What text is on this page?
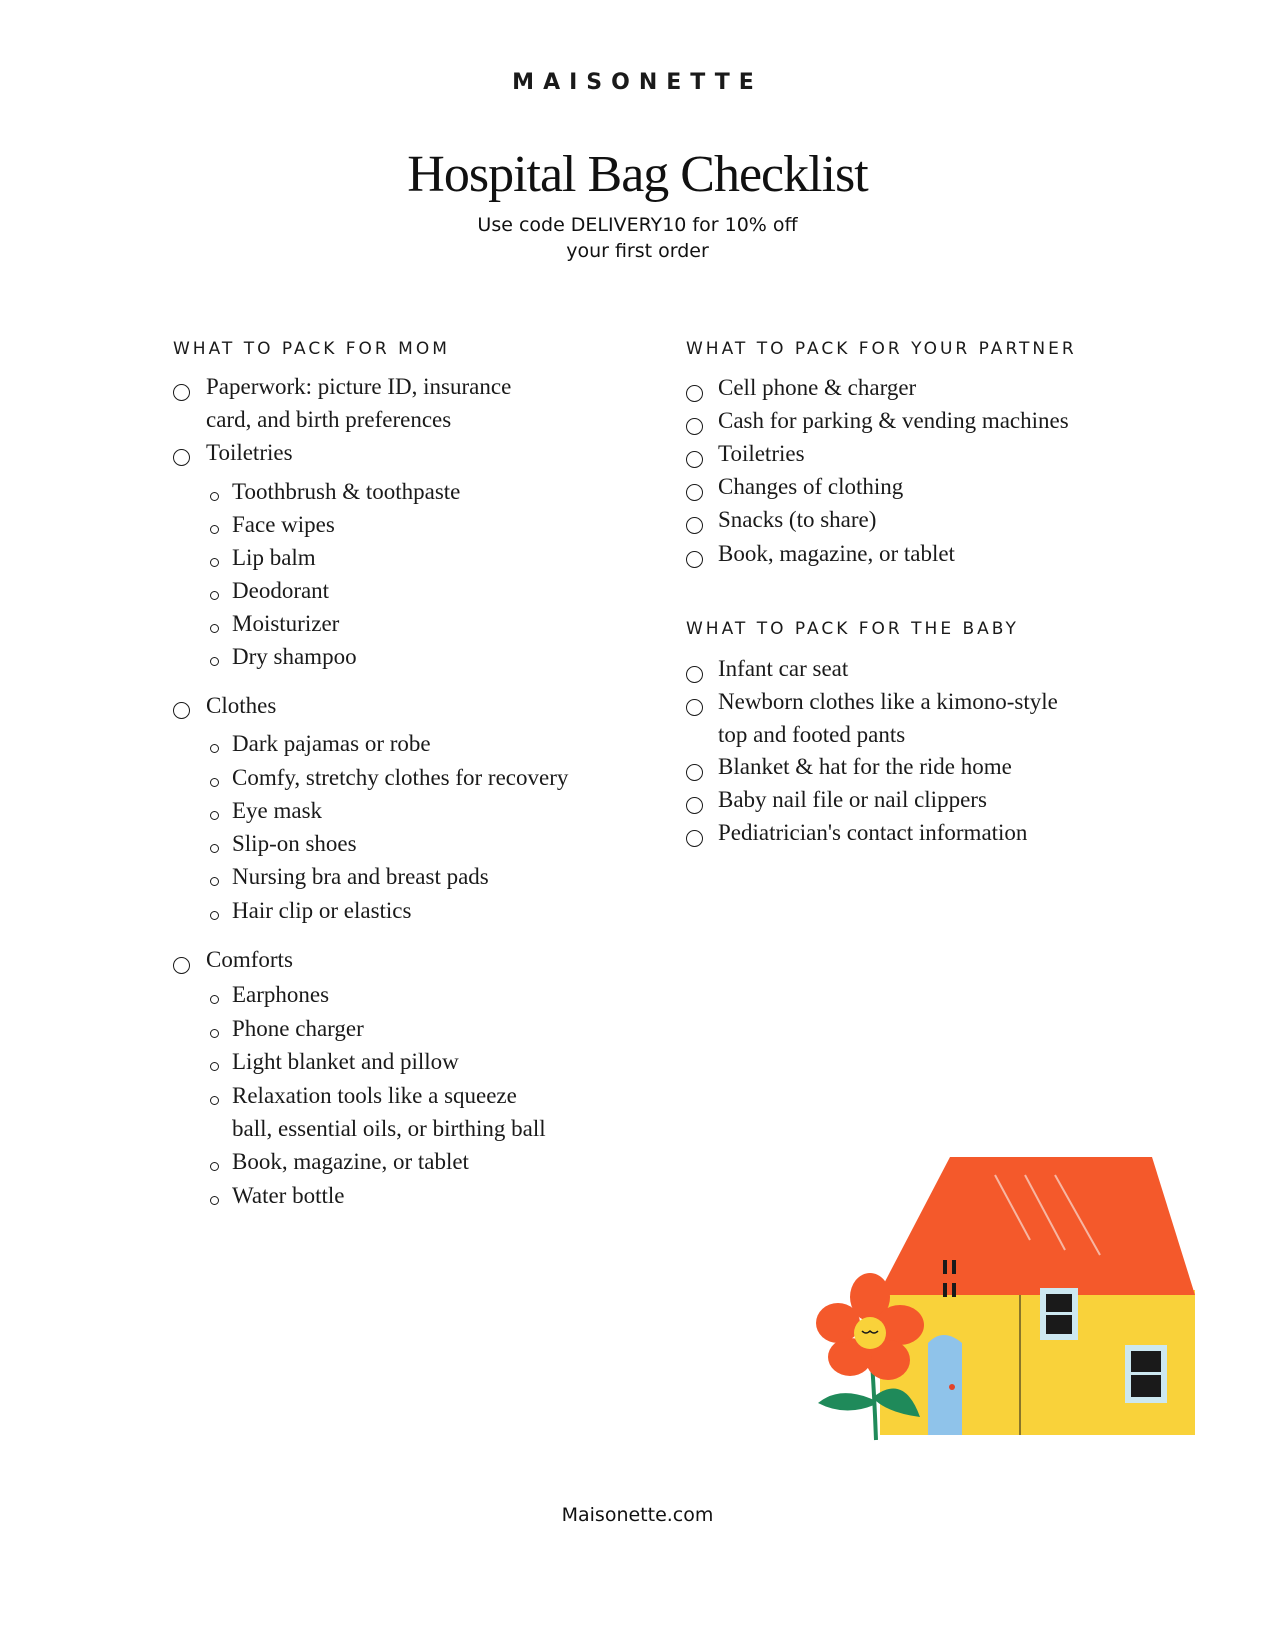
MAISONETTE
Hospital Bag Checklist
Use code DELIVERY10 for 10% off
your first order
WHAT TO PACK FOR MOM
Paperwork: picture ID, insurance
card, and birth preferences
Toiletries
Toothbrush & toothpaste
Face wipes
Lip balm
Deodorant
Moisturizer
Dry shampoo
Clothes
Dark pajamas or robe
Comfy, stretchy clothes for recovery
Eye mask
Slip-on shoes
Nursing bra and breast pads
Hair clip or elastics
Comforts
Earphones
Phone charger
Light blanket and pillow
Relaxation tools like a squeeze
ball, essential oils, or birthing ball
Book, magazine, or tablet
Water bottle
WHAT TO PACK FOR YOUR PARTNER
Cell phone & charger
Cash for parking & vending machines
Toiletries
Changes of clothing
Snacks (to share)
Book, magazine, or tablet
WHAT TO PACK FOR THE BABY
Infant car seat
Newborn clothes like a kimono-style
top and footed pants
Blanket & hat for the ride home
Baby nail file or nail clippers
Pediatrician's contact information
Maisonette.com
